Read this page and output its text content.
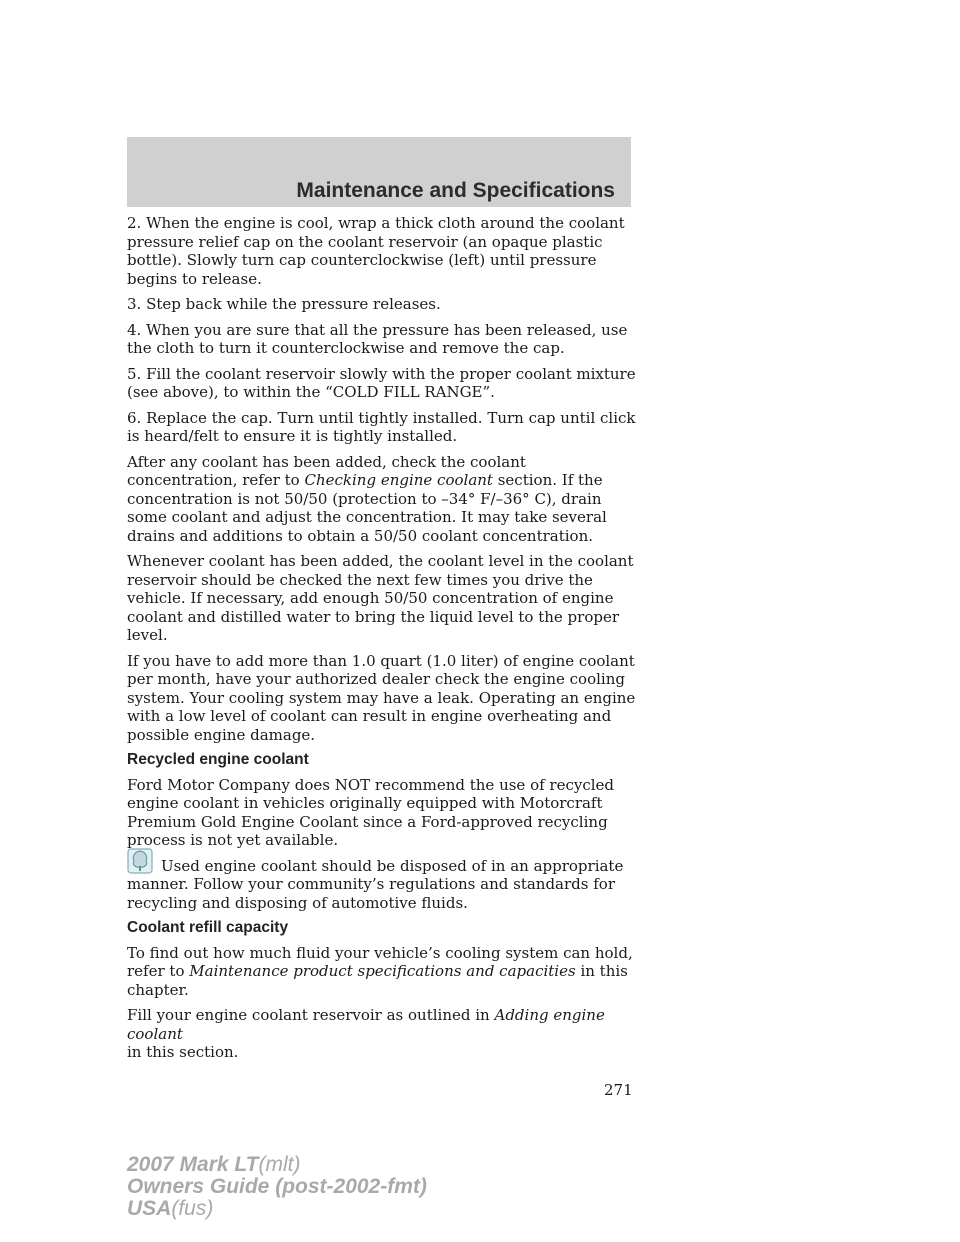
Maintenance and Specifications

2. When the engine is cool, wrap a thick cloth around the coolant pressure relief cap on the coolant reservoir (an opaque plastic bottle). Slowly turn cap counterclockwise (left) until pressure begins to release.

3. Step back while the pressure releases.

4. When you are sure that all the pressure has been released, use the cloth to turn it counterclockwise and remove the cap.

5. Fill the coolant reservoir slowly with the proper coolant mixture (see above), to within the “COLD FILL RANGE”.

6. Replace the cap. Turn until tightly installed. Turn cap until click is heard/felt to ensure it is tightly installed.

After any coolant has been added, check the coolant concentration, refer to Checking engine coolant section. If the concentration is not 50/50 (protection to –34° F/–36° C), drain some coolant and adjust the concentration. It may take several drains and additions to obtain a 50/50 coolant concentration.

Whenever coolant has been added, the coolant level in the coolant reservoir should be checked the next few times you drive the vehicle. If necessary, add enough 50/50 concentration of engine coolant and distilled water to bring the liquid level to the proper level.

If you have to add more than 1.0 quart (1.0 liter) of engine coolant per month, have your authorized dealer check the engine cooling system. Your cooling system may have a leak. Operating an engine with a low level of coolant can result in engine overheating and possible engine damage.

Recycled engine coolant

Ford Motor Company does NOT recommend the use of recycled engine coolant in vehicles originally equipped with Motorcraft Premium Gold Engine Coolant since a Ford-approved recycling process is not yet available.

Used engine coolant should be disposed of in an appropriate manner. Follow your community’s regulations and standards for recycling and disposing of automotive fluids.

Coolant refill capacity

To find out how much fluid your vehicle’s cooling system can hold, refer to Maintenance product specifications and capacities in this chapter.

Fill your engine coolant reservoir as outlined in Adding engine coolant
in this section.

271
2007 Mark LT(mlt)
Owners Guide (post-2002-fmt)
USA(fus)
